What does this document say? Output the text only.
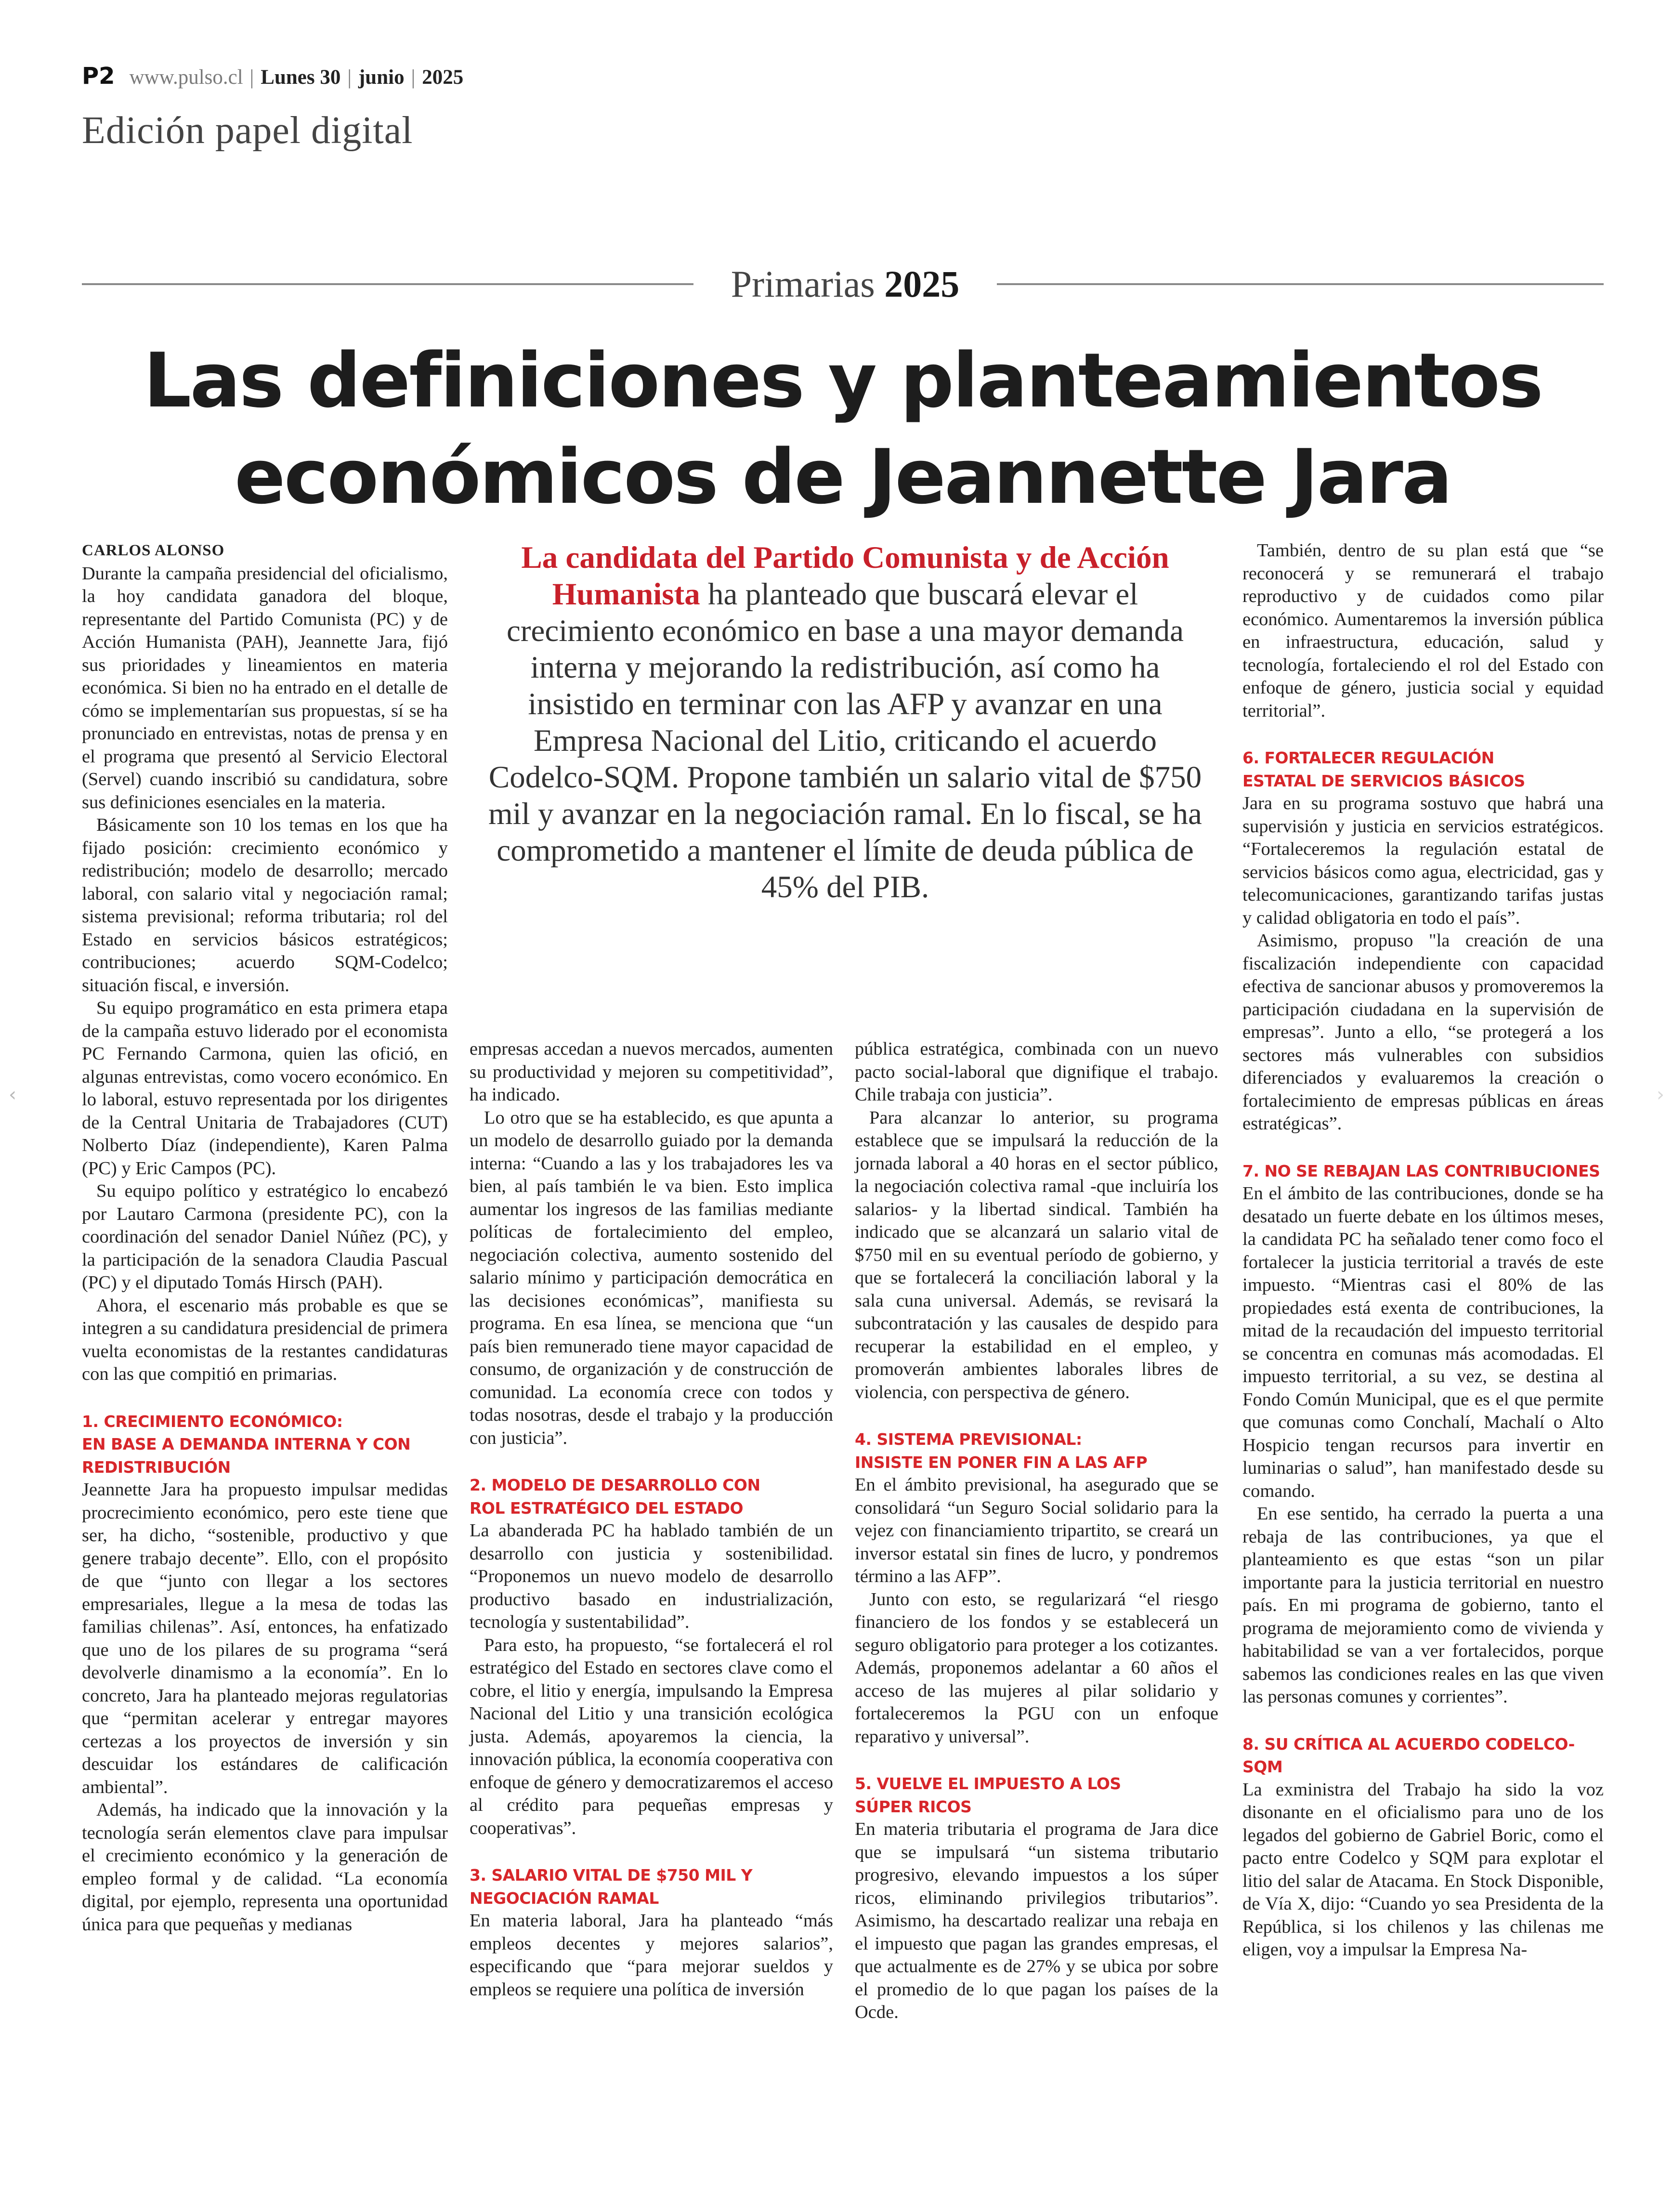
‹	›
P2 www.pulso.cl | Lunes 30 | junio | 2025
Edición papel digital
Primarias 2025
Las definiciones y planteamientos económicos de Jeannette Jara
La candidata del Partido Comunista y de Acción Humanista ha planteado que buscará elevar el crecimiento económico en base a una mayor demanda interna y mejorando la redistribución, así como ha insistido en terminar con las AFP y avanzar en una Empresa Nacional del Litio, criticando el acuerdo Codelco-SQM. Propone también un salario vital de $750 mil y avanzar en la negociación ramal. En lo fiscal, se ha comprometido a mantener el límite de deuda pública de 45% del PIB.
CARLOS ALONSO

Durante la campaña presidencial del oficialismo, la hoy candidata ganadora del bloque, representante del Partido Comunista (PC) y de Acción Humanista (PAH), Jeannette Jara, fijó sus prioridades y lineamientos en materia económica. Si bien no ha entrado en el detalle de cómo se implementarían sus propuestas, sí se ha pronunciado en entrevistas, notas de prensa y en el programa que presentó al Servicio Electoral (Servel) cuando inscribió su candidatura, sobre sus definiciones esenciales en la materia.

Básicamente son 10 los temas en los que ha fijado posición: crecimiento económico y redistribución; modelo de desarrollo; mercado laboral, con salario vital y negociación ramal; sistema previsional; reforma tributaria; rol del Estado en servicios básicos estratégicos; contribuciones; acuerdo SQM-Codelco; situación fiscal, e inversión.

Su equipo programático en esta primera etapa de la campaña estuvo liderado por el economista PC Fernando Carmona, quien las ofició, en algunas entrevistas, como vocero económico. En lo laboral, estuvo representada por los dirigentes de la Central Unitaria de Trabajadores (CUT) Nolberto Díaz (independiente), Karen Palma (PC) y Eric Campos (PC).

Su equipo político y estratégico lo encabezó por Lautaro Carmona (presidente PC), con la coordinación del senador Daniel Núñez (PC), y la participación de la senadora Claudia Pascual (PC) y el diputado Tomás Hirsch (PAH).

Ahora, el escenario más probable es que se integren a su candidatura presidencial de primera vuelta economistas de la restantes candidaturas con las que compitió en primarias.

1. CRECIMIENTO ECONÓMICO:
EN BASE A DEMANDA INTERNA Y CON
REDISTRIBUCIÓN

Jeannette Jara ha propuesto impulsar medidas procrecimiento económico, pero este tiene que ser, ha dicho, “sostenible, productivo y que genere trabajo decente”. Ello, con el propósito de que “junto con llegar a los sectores empresariales, llegue a la mesa de todas las familias chilenas”. Así, entonces, ha enfatizado que uno de los pilares de su programa “será devolverle dinamismo a la economía”. En lo concreto, Jara ha planteado mejoras regulatorias que “permitan acelerar y entregar mayores certezas a los proyectos de inversión y sin descuidar los estándares de calificación ambiental”.

Además, ha indicado que la innovación y la tecnología serán elementos clave para impulsar el crecimiento económico y la generación de empleo formal y de calidad. “La economía digital, por ejemplo, representa una oportunidad única para que pequeñas y medianas

empresas accedan a nuevos mercados, aumenten su productividad y mejoren su competitividad”, ha indicado.

Lo otro que se ha establecido, es que apunta a un modelo de desarrollo guiado por la demanda interna: “Cuando a las y los trabajadores les va bien, al país también le va bien. Esto implica aumentar los ingresos de las familias mediante políticas de fortalecimiento del empleo, negociación colectiva, aumento sostenido del salario mínimo y participación democrática en las decisiones económicas”, manifiesta su programa. En esa línea, se menciona que “un país bien remunerado tiene mayor capacidad de consumo, de organización y de construcción de comunidad. La economía crece con todos y todas nosotras, desde el trabajo y la producción con justicia”.

2. MODELO DE DESARROLLO CON
ROL ESTRATÉGICO DEL ESTADO

La abanderada PC ha hablado también de un desarrollo con justicia y sostenibilidad. “Proponemos un nuevo modelo de desarrollo productivo basado en industrialización, tecnología y sustentabilidad”.

Para esto, ha propuesto, “se fortalecerá el rol estratégico del Estado en sectores clave como el cobre, el litio y energía, impulsando la Empresa Nacional del Litio y una transición ecológica justa. Además, apoyaremos la ciencia, la innovación pública, la economía cooperativa con enfoque de género y democratizaremos el acceso al crédito para pequeñas empresas y cooperativas”.

3. SALARIO VITAL DE $750 MIL Y
NEGOCIACIÓN RAMAL

En materia laboral, Jara ha planteado “más empleos decentes y mejores salarios”, especificando que “para mejorar sueldos y empleos se requiere una política de inversión

pública estratégica, combinada con un nuevo pacto social-laboral que dignifique el trabajo. Chile trabaja con justicia”.

Para alcanzar lo anterior, su programa establece que se impulsará la reducción de la jornada laboral a 40 horas en el sector público, la negociación colectiva ramal -que incluiría los salarios- y la libertad sindical. También ha indicado que se alcanzará un salario vital de $750 mil en su eventual período de gobierno, y que se fortalecerá la conciliación laboral y la sala cuna universal. Además, se revisará la subcontratación y las causales de despido para recuperar la estabilidad en el empleo, y promoverán ambientes laborales libres de violencia, con perspectiva de género.

4. SISTEMA PREVISIONAL:
INSISTE EN PONER FIN A LAS AFP

En el ámbito previsional, ha asegurado que se consolidará “un Seguro Social solidario para la vejez con financiamiento tripartito, se creará un inversor estatal sin fines de lucro, y pondremos término a las AFP”.

Junto con esto, se regularizará “el riesgo financiero de los fondos y se establecerá un seguro obligatorio para proteger a los cotizantes. Además, proponemos adelantar a 60 años el acceso de las mujeres al pilar solidario y fortaleceremos la PGU con un enfoque reparativo y universal”.

5. VUELVE EL IMPUESTO A LOS
SÚPER RICOS

En materia tributaria el programa de Jara dice que se impulsará “un sistema tributario progresivo, elevando impuestos a los súper ricos, eliminando privilegios tributarios”. Asimismo, ha descartado realizar una rebaja en el impuesto que pagan las grandes empresas, el que actualmente es de 27% y se ubica por sobre el promedio de lo que pagan los países de la Ocde.

También, dentro de su plan está que “se reconocerá y se remunerará el trabajo reproductivo y de cuidados como pilar económico. Aumentaremos la inversión pública en infraestructura, educación, salud y tecnología, fortaleciendo el rol del Estado con enfoque de género, justicia social y equidad territorial”.

6. FORTALECER REGULACIÓN
ESTATAL DE SERVICIOS BÁSICOS

Jara en su programa sostuvo que habrá una supervisión y justicia en servicios estratégicos. “Fortaleceremos la regulación estatal de servicios básicos como agua, electricidad, gas y telecomunicaciones, garantizando tarifas justas y calidad obligatoria en todo el país”.

Asimismo, propuso "la creación de una fiscalización independiente con capacidad efectiva de sancionar abusos y promoveremos la participación ciudadana en la supervisión de empresas”. Junto a ello, “se protegerá a los sectores más vulnerables con subsidios diferenciados y evaluaremos la creación o fortalecimiento de empresas públicas en áreas estratégicas”.

7. NO SE REBAJAN LAS CONTRIBUCIONES

En el ámbito de las contribuciones, donde se ha desatado un fuerte debate en los últimos meses, la candidata PC ha señalado tener como foco el fortalecer la justicia territorial a través de este impuesto. “Mientras casi el 80% de las propiedades está exenta de contribuciones, la mitad de la recaudación del impuesto territorial se concentra en comunas más acomodadas. El impuesto territorial, a su vez, se destina al Fondo Común Municipal, que es el que permite que comunas como Conchalí, Machalí o Alto Hospicio tengan recursos para invertir en luminarias o salud”, han manifestado desde su comando.

En ese sentido, ha cerrado la puerta a una rebaja de las contribuciones, ya que el planteamiento es que estas “son un pilar importante para la justicia territorial en nuestro país. En mi programa de gobierno, tanto el programa de mejoramiento como de vivienda y habitabilidad se van a ver fortalecidos, porque sabemos las condiciones reales en las que viven las personas comunes y corrientes”.

8. SU CRÍTICA AL ACUERDO CODELCO-SQM

La exministra del Trabajo ha sido la voz disonante en el oficialismo para uno de los legados del gobierno de Gabriel Boric, como el pacto entre Codelco y SQM para explotar el litio del salar de Atacama. En Stock Disponible, de Vía X, dijo: “Cuando yo sea Presidenta de la República, si los chilenos y las chilenas me eligen, voy a impulsar la Empresa Na-
